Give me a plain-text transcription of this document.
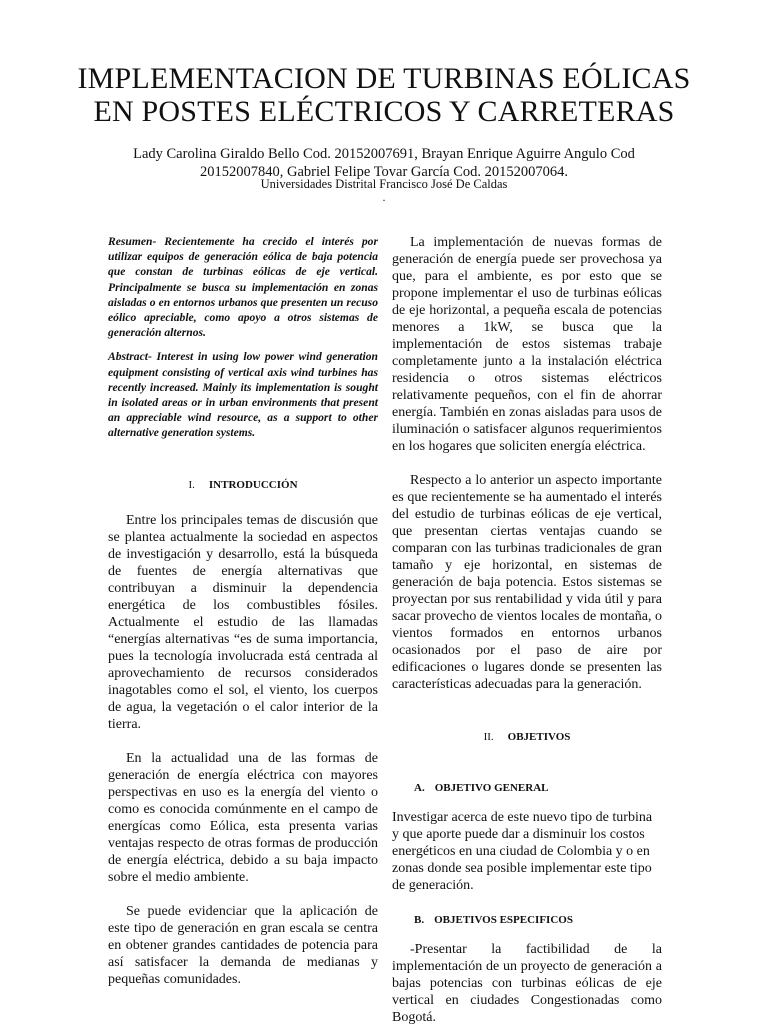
IMPLEMENTACION DE TURBINAS EÓLICAS
EN POSTES ELÉCTRICOS Y CARRETERAS
Lady Carolina Giraldo Bello Cod. 20152007691, Brayan Enrique Aguirre Angulo Cod
20152007840, Gabriel Felipe Tovar García Cod. 20152007064.
Universidades Distrital Francisco José De Caldas
.

Resumen- Recientemente ha crecido el interés por utilizar equipos de generación eólica de baja potencia que constan de turbinas eólicas de eje vertical. Principalmente se busca su implementación en zonas aisladas o en entornos urbanos que presenten un recuso eólico apreciable, como apoyo a otros sistemas de generación alternos.

Abstract- Interest in using low power wind generation equipment consisting of vertical axis wind turbines has recently increased. Mainly its implementation is sought in isolated areas or in urban environments that present an appreciable wind resource, as a support to other alternative generation systems.

I. INTRODUCCIÓN

Entre los principales temas de discusión que se plantea actualmente la sociedad en aspectos de investigación y desarrollo, está la búsqueda de fuentes de energía alternativas que contribuyan a disminuir la dependencia energética de los combustibles fósiles. Actualmente el estudio de las llamadas “energías alternativas “es de suma importancia, pues la tecnología involucrada está centrada al aprovechamiento de recursos considerados inagotables como el sol, el viento, los cuerpos de agua, la vegetación o el calor interior de la tierra.

En la actualidad una de las formas de generación de energía eléctrica con mayores perspectivas en uso es la energía del viento o como es conocida comúnmente en el campo de energícas como Eólica, esta presenta varias ventajas respecto de otras formas de producción de energía eléctrica, debido a su baja impacto sobre el medio ambiente.

Se puede evidenciar que la aplicación de este tipo de generación en gran escala se centra en obtener grandes cantidades de potencia para así satisfacer la demanda de medianas y pequeñas comunidades.

La implementación de nuevas formas de generación de energía puede ser provechosa ya que, para el ambiente, es por esto que se propone implementar el uso de turbinas eólicas de eje horizontal, a pequeña escala de potencias menores a 1kW, se busca que la implementación de estos sistemas trabaje completamente junto a la instalación eléctrica residencia o otros sistemas eléctricos relativamente pequeños, con el fin de ahorrar energía. También en zonas aisladas para usos de iluminación o satisfacer algunos requerimientos en los hogares que soliciten energía eléctrica.

Respecto a lo anterior un aspecto importante es que recientemente se ha aumentado el interés del estudio de turbinas eólicas de eje vertical, que presentan ciertas ventajas cuando se comparan con las turbinas tradicionales de gran tamaño y eje horizontal, en sistemas de generación de baja potencia. Estos sistemas se proyectan por sus rentabilidad y vida útil y para sacar provecho de vientos locales de montaña, o vientos formados en entornos urbanos ocasionados por el paso de aire por edificaciones o lugares donde se presenten las características adecuadas para la generación.

II. OBJETIVOS
A. OBJETIVO GENERAL

Investigar acerca de este nuevo tipo de turbina y que aporte puede dar a disminuir los costos energéticos en una ciudad de Colombia y o en zonas donde sea posible implementar este tipo de generación.

B. OBJETIVOS ESPECIFICOS

-Presentar la factibilidad de la implementación de un proyecto de generación a bajas potencias con turbinas eólicas de eje vertical en ciudades Congestionadas como Bogotá.
